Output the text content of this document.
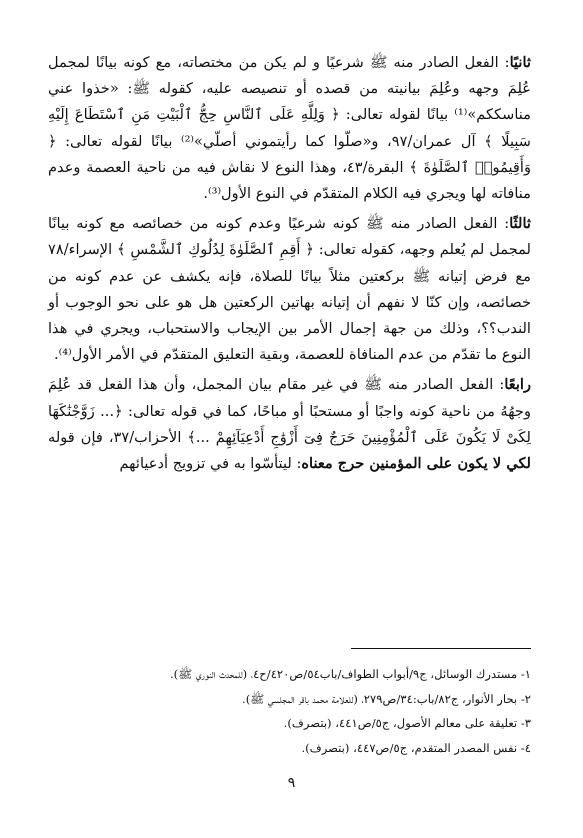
ثانيًا: الفعل الصادر منه ﷺ شرعيًا و لم يكن من مختصاته، مع كونه بيانًا لمجمل عُلِمَ وجهه وعُلِمَ بيانيته من قصده أو تنصيصه عليه، كقوله ﷺ: «خذوا عني مناسككم»⁽¹⁾ بيانًا لقوله تعالى: ﴿ وَلِلَّهِ عَلَى ٱلنَّاسِ حِجُّ ٱلْبَيْتِ مَنِ ٱسْتَطَاعَ إِلَيْهِ سَبِيلًا ﴾ آل عمران/٩٧، و«صلّوا كما رأيتموني أصلّي»⁽²⁾ بيانًا لقوله تعالى: ﴿ وَأَقِيمُوا۟ ٱلصَّلَوٰةَ ﴾ البقرة/٤٣، وهذا النوع لا نقاش فيه من ناحية العصمة وعدم منافاته لها ويجري فيه الكلام المتقدّم في النوع الأول⁽³⁾.

ثالثًا: الفعل الصادر منه ﷺ كونه شرعيًا وعدم كونه من خصائصه مع كونه بيانًا لمجمل لم يُعلم وجهه، كقوله تعالى: ﴿ أَقِمِ ٱلصَّلَوٰةَ لِدُلُوكِ ٱلشَّمْسِ ﴾ الإسراء/٧٨ مع فرض إتيانه ﷺ بركعتين مثلاً بيانًا للصلاة، فإنه يكشف عن عدم كونه من خصائصه، وإن كنّا لا نفهم أن إتيانه بهاتين الركعتين هل هو على نحو الوجوب أو الندب؟؟، وذلك من جهة إجمال الأمر بين الإيجاب والاستحباب، ويجري في هذا النوع ما تقدّم من عدم المنافاة للعصمة، وبقية التعليق المتقدّم في الأمر الأول⁽⁴⁾.

رابعًا: الفعل الصادر منه ﷺ في غير مقام بيان المجمل، وأن هذا الفعل قد عُلِمَ وجهُهُ من ناحية كونه واجبًا أو مستحبًا أو مباحًا، كما في قوله تعالى: ﴿... زَوَّجْنَٰكَهَا لِكَىْ لَا يَكُونَ عَلَى ٱلْمُؤْمِنِينَ حَرَجٌ فِىٓ أَزْوَٰجِ أَدْعِيَآئِهِمْ ...﴾ الأحزاب/٣٧، فإن قوله لكي لا يكون على المؤمنين حرج معناه: ليتأسّوا به في تزويج أدعيائهم

١- مستدرك الوسائل، ج٩/أبواب الطواف/باب٥٤/ص٤٢٠/ح٤، (للمحدث النوري ﷺ).
٢- بحار الأنوار، ج٨٢/باب:٣٤/ص٢٧٩، (للعلامة محمد باقر المجلسي ﷺ).
٣- تعليقة على معالم الأصول، ج٥/ص٤٤١، (بتصرف).
٤- نفس المصدر المتقدم، ج٥/ص٤٤٧، (بتصرف).
٩
